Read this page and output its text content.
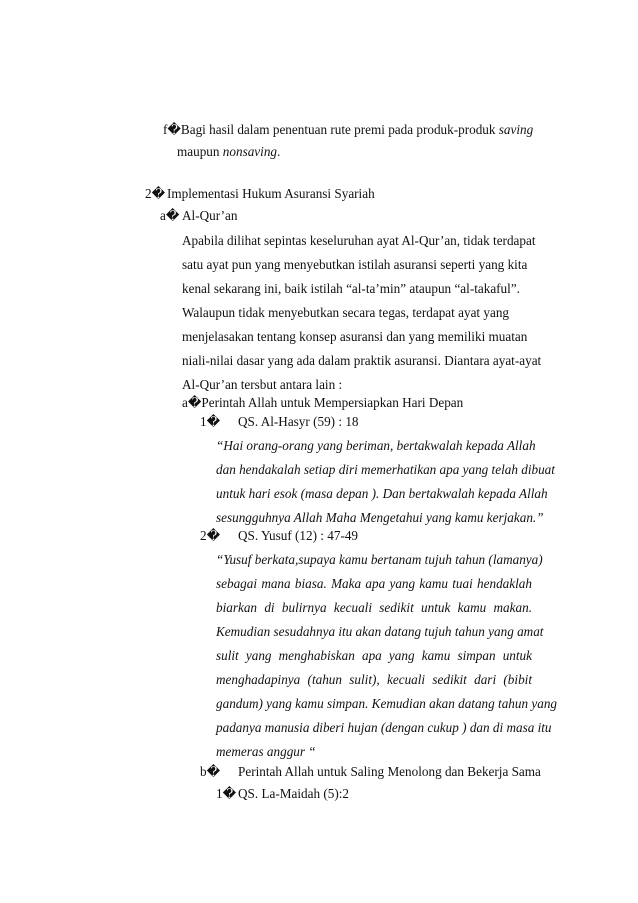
f�Bagi hasil dalam penentuan rute premi pada produk-produk saving
maupun nonsaving.
2� Implementasi Hukum Asuransi Syariah
a� Al-Qur’an
Apabila dilihat sepintas keseluruhan ayat Al-Qur’an, tidak terdapat
satu ayat pun yang menyebutkan istilah asuransi seperti yang kita
kenal sekarang ini, baik istilah “al-ta’min” ataupun “al-takaful”.
Walaupun tidak menyebutkan secara tegas, terdapat ayat yang
menjelasakan tentang konsep asuransi dan yang memiliki muatan
niali-nilai dasar yang ada dalam praktik asuransi. Diantara ayat-ayat
Al-Qur’an tersbut antara lain :
a�Perintah Allah untuk Mempersiapkan Hari Depan
1� QS. Al-Hasyr (59) : 18
“Hai orang-orang yang beriman, bertakwalah kepada Allah
dan hendakalah setiap diri memerhatikan apa yang telah dibuat
untuk hari esok (masa depan ). Dan bertakwalah kepada Allah
sesungguhnya Allah Maha Mengetahui yang kamu kerjakan.”
2� QS. Yusuf (12) : 47-49
“Yusuf berkata,supaya kamu bertanam tujuh tahun (lamanya)
sebagai mana biasa. Maka apa yang kamu tuai hendaklah
biarkan di bulirnya kecuali sedikit untuk kamu makan.
Kemudian sesudahnya itu akan datang tujuh tahun yang amat
sulit yang menghabiskan apa yang kamu simpan untuk
menghadapinya (tahun sulit), kecuali sedikit dari (bibit
gandum) yang kamu simpan. Kemudian akan datang tahun yang
padanya manusia diberi hujan (dengan cukup ) dan di masa itu
memeras anggur “
b� Perintah Allah untuk Saling Menolong dan Bekerja Sama
1� QS. La-Maidah (5):2
